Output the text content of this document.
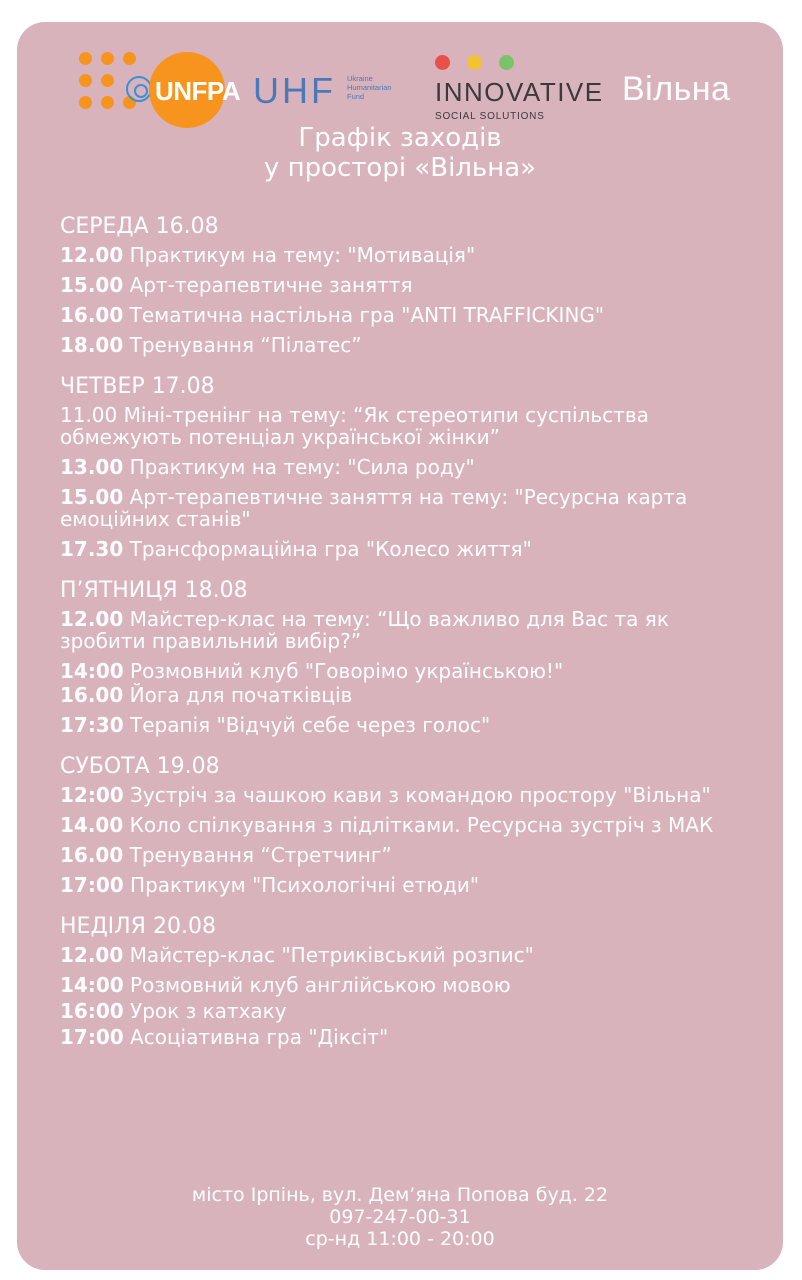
UNFPA UHF Ukraine
Humanitarian
Fund	INNOVATIVE
SOCIAL SOLUTIONS
Вільна
Графік заходів
у просторі «Вільна»
СЕРЕДА 16.08
12.00 Практикум на тему: "Мотивація"
15.00 Арт-терапевтичне заняття
16.00 Тематична настільна гра "ANTI TRAFFICKING"
18.00 Тренування “Пілатес”
ЧЕТВЕР 17.08
11.00 Міні-тренінг на тему: “Як стереотипи суспільства обмежують потенціал української жінки”
13.00 Практикум на тему: "Сила роду"
15.00 Арт-терапевтичне заняття на тему: "Ресурсна карта емоційних станів"
17.30 Трансформаційна гра "Колесо життя"
П’ЯТНИЦЯ 18.08
12.00 Майстер-клас на тему: “Що важливо для Вас та як зробити правильний вибір?”
14:00 Розмовний клуб "Говорімо українською!"
16.00 Йога для початківців
17:30 Терапія "Відчуй себе через голос"
СУБОТА 19.08
12:00 Зустріч за чашкою кави з командою простору "Вільна"
14.00 Коло спілкування з підлітками. Ресурсна зустріч з МАК
16.00 Тренування “Стретчинг”
17:00 Практикум "Психологічні етюди"
НЕДІЛЯ 20.08
12.00 Майстер-клас "Петриківський розпис"
14:00 Розмовний клуб англійською мовою
16:00 Урок з катхаку
17:00 Асоціативна гра "Діксіт"
місто Ірпінь, вул. Дем’яна Попова буд. 22
097-247-00-31
ср-нд 11:00 - 20:00
